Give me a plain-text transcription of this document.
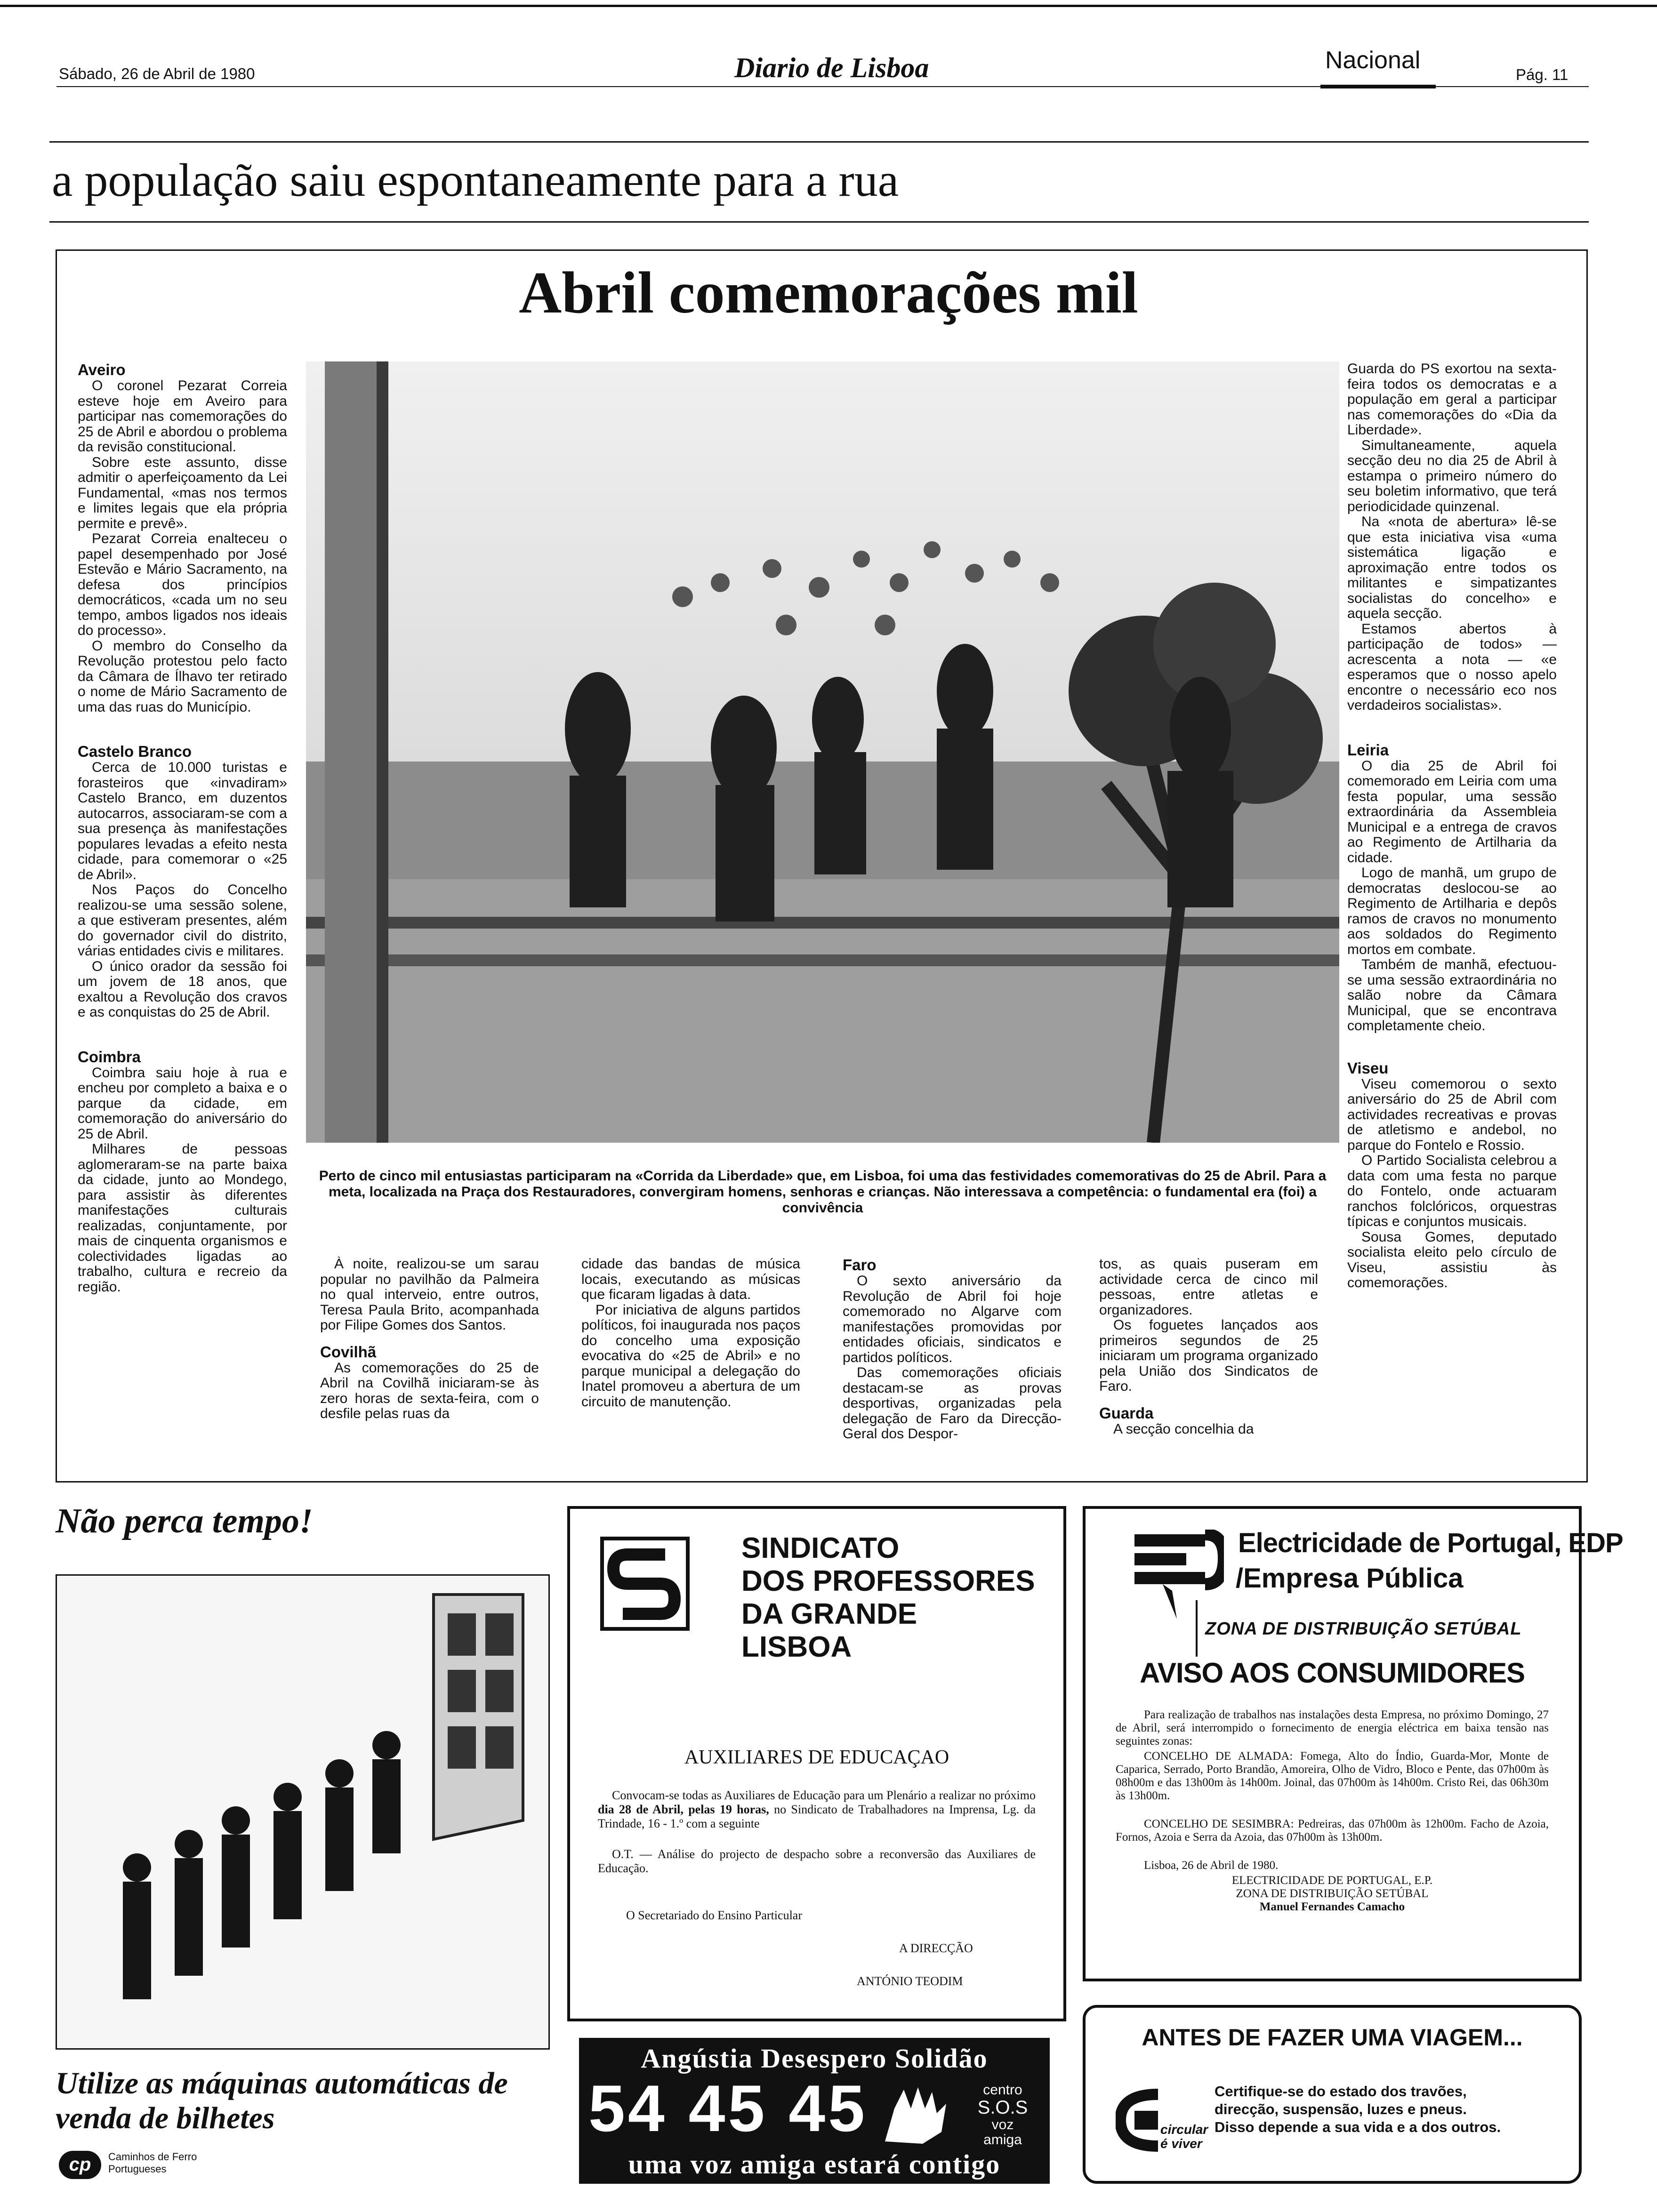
Sábado, 26 de Abril de 1980	Diario de Lisboa	Nacional
Pág. 11
a população saiu espontaneamente para a rua
Abril comemorações mil
Aveiro

O coronel Pezarat Correia esteve hoje em Aveiro para participar nas comemorações do 25 de Abril e abordou o problema da revisão constitucional.

Sobre este assunto, disse admitir o aperfeiçoamento da Lei Fundamental, «mas nos termos e limites legais que ela própria permite e prevê».

Pezarat Correia enalteceu o papel desempenhado por José Estevão e Mário Sacramento, na defesa dos princípios democráticos, «cada um no seu tempo, ambos ligados nos ideais do processo».

O membro do Conselho da Revolução protestou pelo facto da Câmara de Ílhavo ter retirado o nome de Mário Sacramento de uma das ruas do Município.

Castelo Branco

Cerca de 10.000 turistas e forasteiros que «invadiram» Castelo Branco, em duzentos autocarros, associaram-se com a sua presença às manifestações populares levadas a efeito nesta cidade, para comemorar o «25 de Abril».

Nos Paços do Concelho realizou-se uma sessão solene, a que estiveram presentes, além do governador civil do distrito, várias entidades civis e militares.

O único orador da sessão foi um jovem de 18 anos, que exaltou a Revolução dos cravos e as conquistas do 25 de Abril.

Coimbra

Coimbra saiu hoje à rua e encheu por completo a baixa e o parque da cidade, em comemoração do aniversário do 25 de Abril.

Milhares de pessoas aglomeraram-se na parte baixa da cidade, junto ao Mondego, para assistir às diferentes manifestações culturais realizadas, conjuntamente, por mais de cinquenta organismos e colectividades ligadas ao trabalho, cultura e recreio da região.

Perto de cinco mil entusiastas participaram na «Corrida da Liberdade» que, em Lisboa, foi uma das festividades comemorativas do 25 de Abril. Para a meta, localizada na Praça dos Restauradores, convergiram homens, senhoras e crianças. Não interessava a competência: o fundamental era (foi) a convivência

À noite, realizou-se um sarau popular no pavilhão da Palmeira no qual interveio, entre outros, Teresa Paula Brito, acompanhada por Filipe Gomes dos Santos.

Covilhã

As comemorações do 25 de Abril na Covilhã iniciaram-se às zero horas de sexta-feira, com o desfile pelas ruas da

cidade das bandas de música locais, executando as músicas que ficaram ligadas à data.

Por iniciativa de alguns partidos políticos, foi inaugurada nos paços do concelho uma exposição evocativa do «25 de Abril» e no parque municipal a delegação do Inatel promoveu a abertura de um circuito de manutenção.

Faro

O sexto aniversário da Revolução de Abril foi hoje comemorado no Algarve com manifestações promovidas por entidades oficiais, sindicatos e partidos políticos.

Das comemorações oficiais destacam-se as provas desportivas, organizadas pela delegação de Faro da Direcção-Geral dos Despor-

tos, as quais puseram em actividade cerca de cinco mil pessoas, entre atletas e organizadores.

Os foguetes lançados aos primeiros segundos de 25 iniciaram um programa organizado pela União dos Sindicatos de Faro.

Guarda

A secção concelhia da

Guarda do PS exortou na sexta-feira todos os democratas e a população em geral a participar nas comemorações do «Dia da Liberdade».

Simultaneamente, aquela secção deu no dia 25 de Abril à estampa o primeiro número do seu boletim informativo, que terá periodicidade quinzenal.

Na «nota de abertura» lê-se que esta iniciativa visa «uma sistemática ligação e aproximação entre todos os militantes e simpatizantes socialistas do concelho» e aquela secção.

Estamos abertos à participação de todos» — acrescenta a nota — «e esperamos que o nosso apelo encontre o necessário eco nos verdadeiros socialistas».

Leiria

O dia 25 de Abril foi comemorado em Leiria com uma festa popular, uma sessão extraordinária da Assembleia Municipal e a entrega de cravos ao Regimento de Artilharia da cidade.

Logo de manhã, um grupo de democratas deslocou-se ao Regimento de Artilharia e depôs ramos de cravos no monumento aos soldados do Regimento mortos em combate.

Também de manhã, efectuou-se uma sessão extraordinária no salão nobre da Câmara Municipal, que se encontrava completamente cheio.

Viseu

Viseu comemorou o sexto aniversário do 25 de Abril com actividades recreativas e provas de atletismo e andebol, no parque do Fontelo e Rossio.

O Partido Socialista celebrou a data com uma festa no parque do Fontelo, onde actuaram ranchos folclóricos, orquestras típicas e conjuntos musicais.

Sousa Gomes, deputado socialista eleito pelo círculo de Viseu, assistiu às comemorações.

Não perca tempo!
Utilize as máquinas automáticas de venda de bilhetes
cp	Caminhos de Ferro Portugueses
SINDICATO
DOS PROFESSORES
DA GRANDE
LISBOA
AUXILIARES DE EDUCAÇAO
Convocam-se todas as Auxiliares de Educação para um Plenário a realizar no próximo dia 28 de Abril, pelas 19 horas, no Sindicato de Trabalhadores na Imprensa, Lg. da Trindade, 16 - 1.º com a seguinte
O.T. — Análise do projecto de despacho sobre a reconversão das Auxiliares de Educação.
O Secretariado do Ensino Particular
A DIRECÇÃO
ANTÓNIO TEODIM
Electricidade de Portugal, EDP
/Empresa Pública
ZONA DE DISTRIBUIÇÃO SETÚBAL
AVISO AOS CONSUMIDORES
Para realização de trabalhos nas instalações desta Empresa, no próximo Domingo, 27 de Abril, será interrompido o fornecimento de energia eléctrica em baixa tensão nas seguintes zonas:
CONCELHO DE ALMADA: Fomega, Alto do Índio, Guarda-Mor, Monte de Caparica, Serrado, Porto Brandão, Amoreira, Olho de Vidro, Bloco e Pente, das 07h00m às 08h00m e das 13h00m às 14h00m. Joinal, das 07h00m às 14h00m. Cristo Rei, das 06h30m às 13h00m.
CONCELHO DE SESIMBRA: Pedreiras, das 07h00m às 12h00m. Facho de Azoia, Fornos, Azoia e Serra da Azoia, das 07h00m às 13h00m.
Lisboa, 26 de Abril de 1980.
ELECTRICIDADE DE PORTUGAL, E.P.
ZONA DE DISTRIBUIÇÃO SETÚBAL
Manuel Fernandes Camacho
Angústia Desespero Solidão
54 45 45	centro
S.O.S
voz
amiga
uma voz amiga estará contigo
ANTES DE FAZER UMA VIAGEM...
Certifique-se do estado dos travões,
direcção, suspensão, luzes e pneus.
Disso depende a sua vida e a dos outros.
circular
é viver
